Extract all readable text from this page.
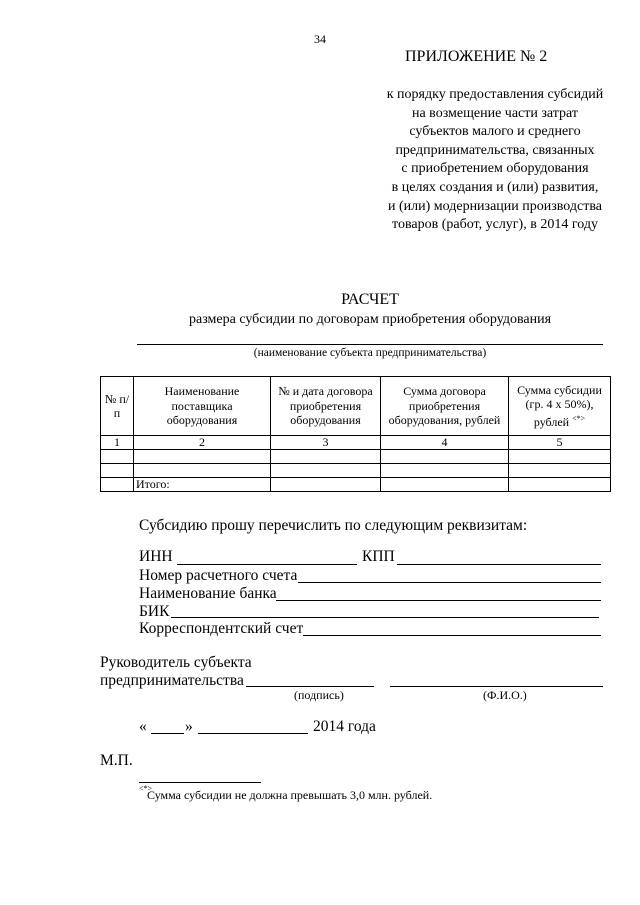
34
ПРИЛОЖЕНИЕ № 2
к порядку предоставления субсидий
на возмещение части затрат
субъектов малого и среднего
предпринимательства, связанных
с приобретением оборудования
в целях создания и (или) развития,
и (или) модернизации производства
товаров (работ, услуг), в 2014 году
РАСЧЕТ
размера субсидии по договорам приобретения оборудования
(наименование субъекта предпринимательства)
№ п/п	Наименование поставщика оборудования	№ и дата договора приобретения оборудования	Сумма договора приобретения оборудования, рублей	Сумма субсидии (гр. 4 х 50%), рублей <*>
1	2	3	4	5

	Итого:			
Субсидию прошу перечислить по следующим реквизитам:
ИНН	КПП
Номер расчетного счета
Наименование банка
БИК
Корреспондентский счет
Руководитель субъекта
предпринимательства
(подпись)	(Ф.И.О.)
« »	2014 года
М.П.
<*>
Сумма субсидии не должна превышать 3,0 млн. рублей.
